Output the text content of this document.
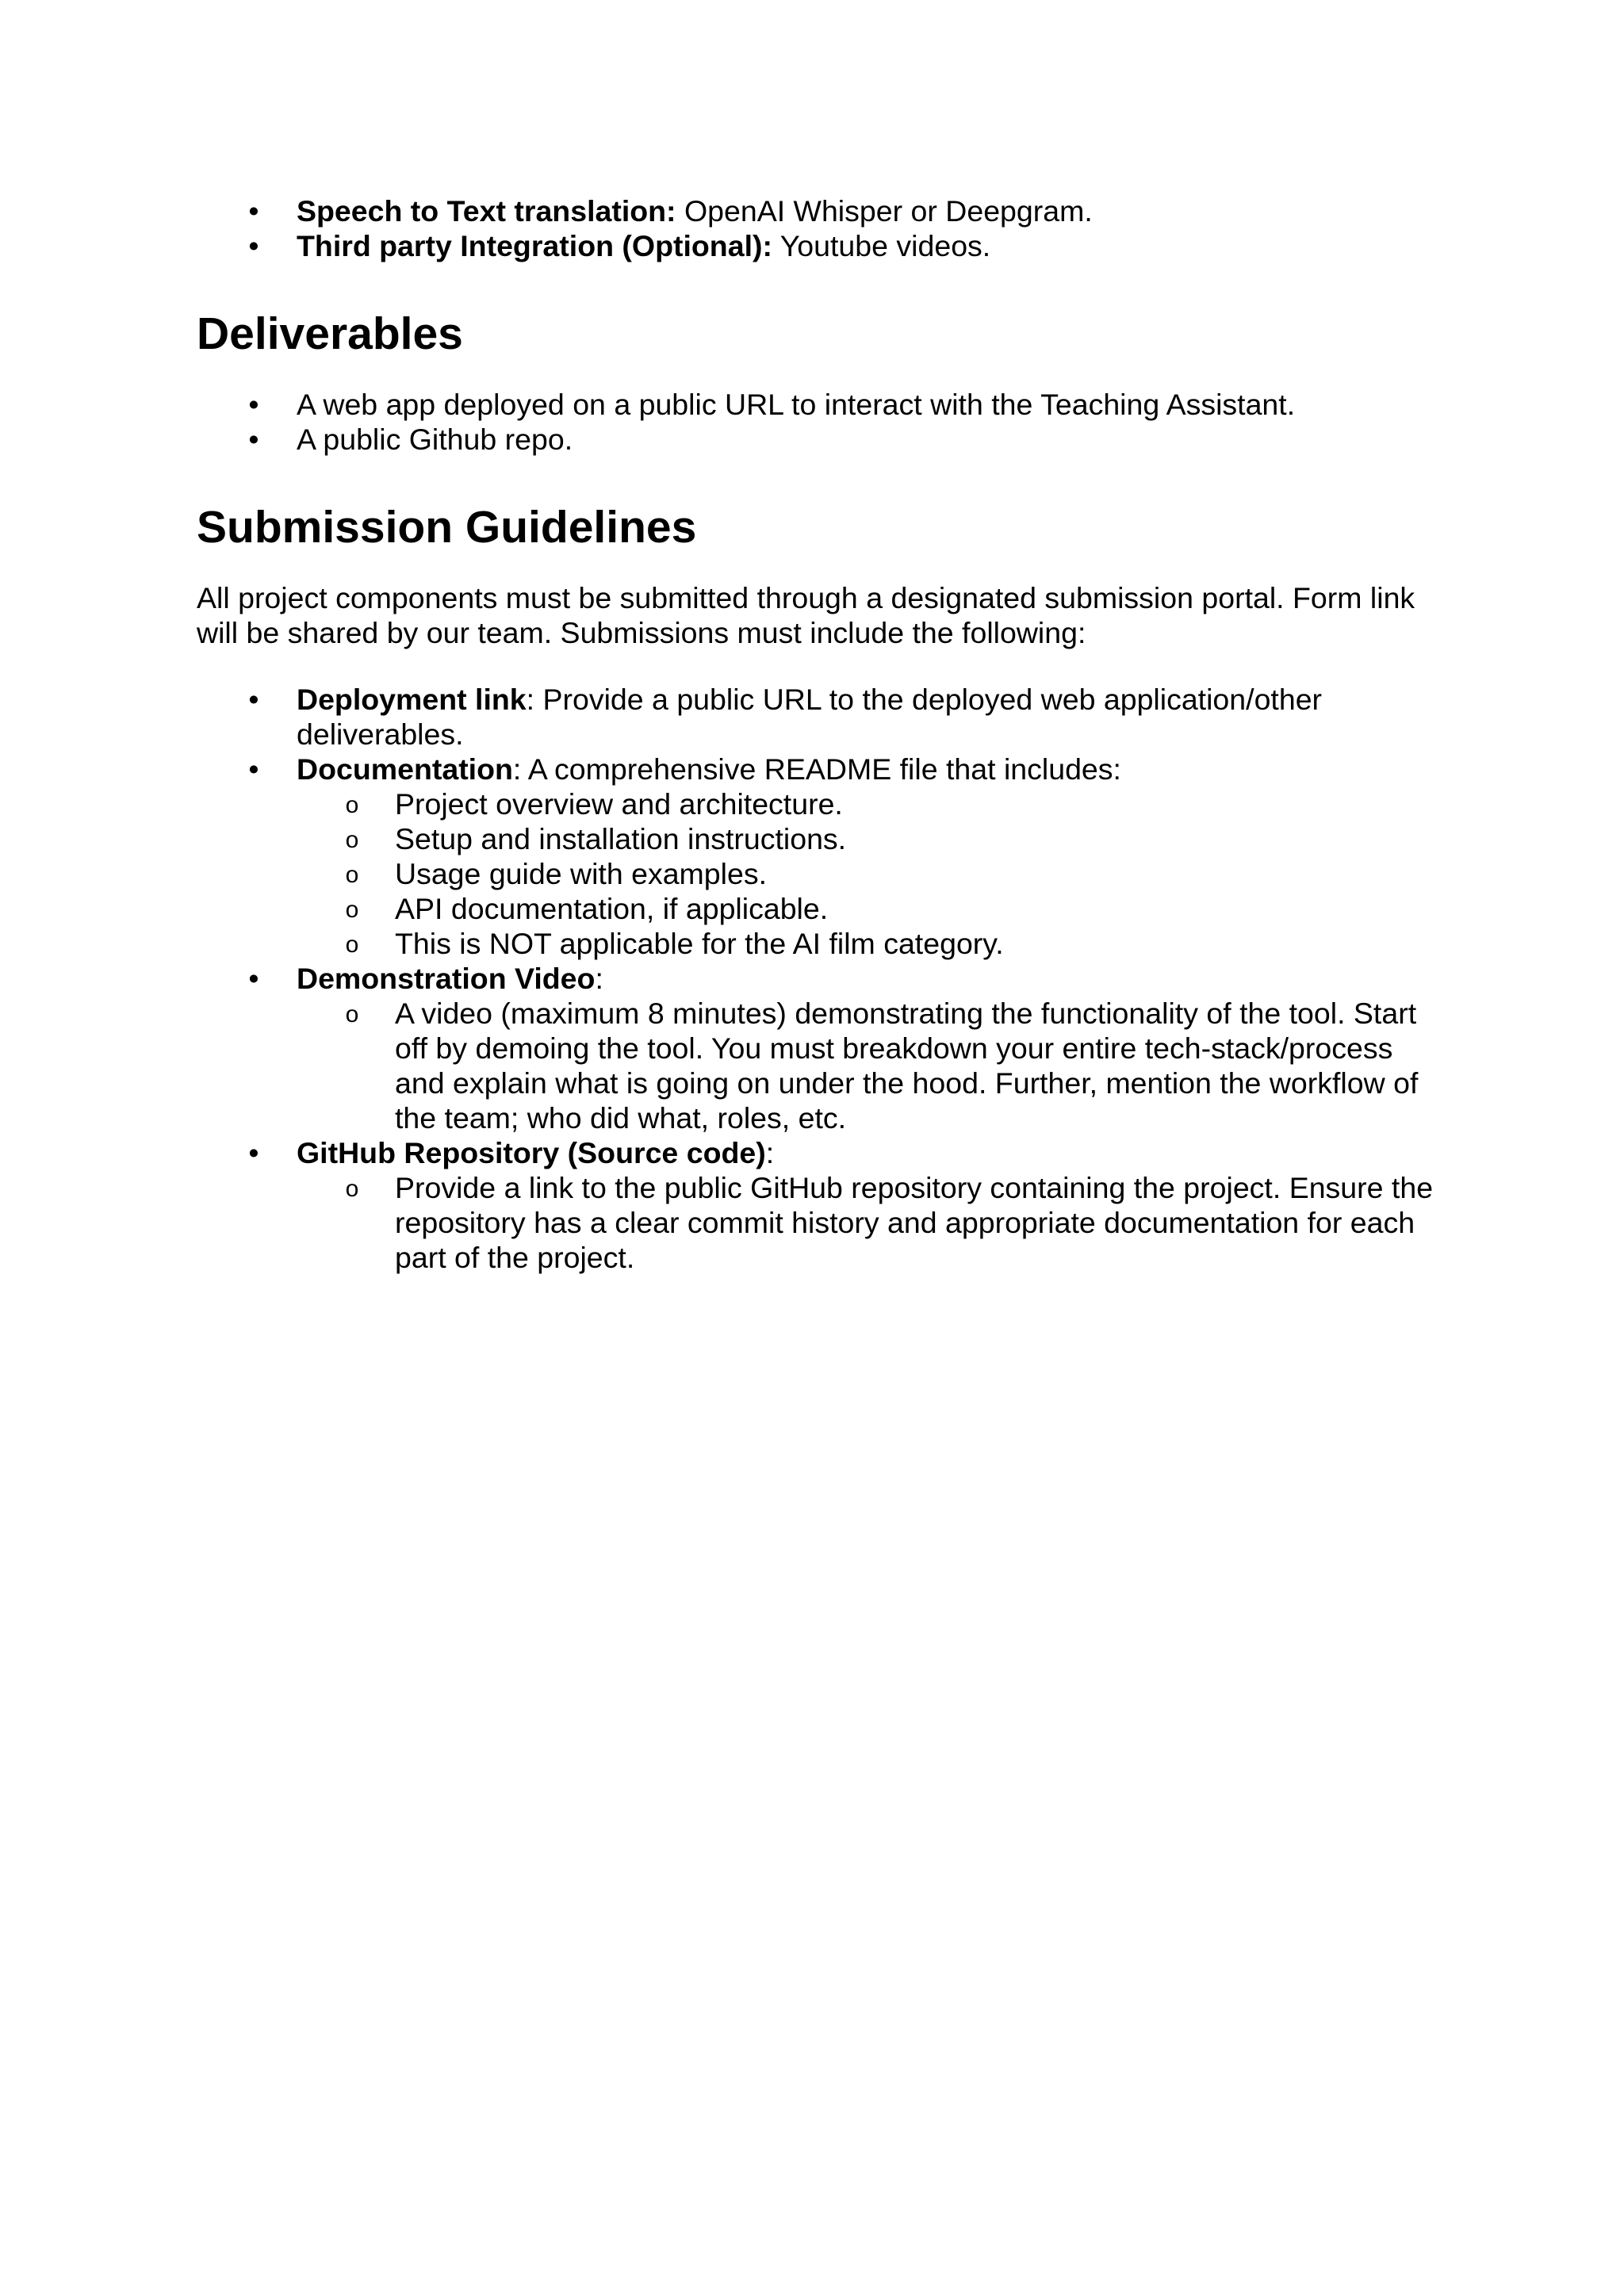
• Speech to Text translation: OpenAI Whisper or Deepgram.
• Third party Integration (Optional): Youtube videos.
Deliverables
• A web app deployed on a public URL to interact with the Teaching Assistant.
• A public Github repo.
Submission Guidelines

All project components must be submitted through a designated submission portal. Form link will be shared by our team. Submissions must include the following:

• Deployment link: Provide a public URL to the deployed web application/other deliverables.
• Documentation: A comprehensive README file that includes:
o Project overview and architecture.
o Setup and installation instructions.
o Usage guide with examples.
o API documentation, if applicable.
o This is NOT applicable for the AI film category.
• Demonstration Video:
o A video (maximum 8 minutes) demonstrating the functionality of the tool. Start off by demoing the tool. You must breakdown your entire tech-stack/process and explain what is going on under the hood. Further, mention the workflow of the team; who did what, roles, etc.
• GitHub Repository (Source code):
o Provide a link to the public GitHub repository containing the project. Ensure the repository has a clear commit history and appropriate documentation for each part of the project.
